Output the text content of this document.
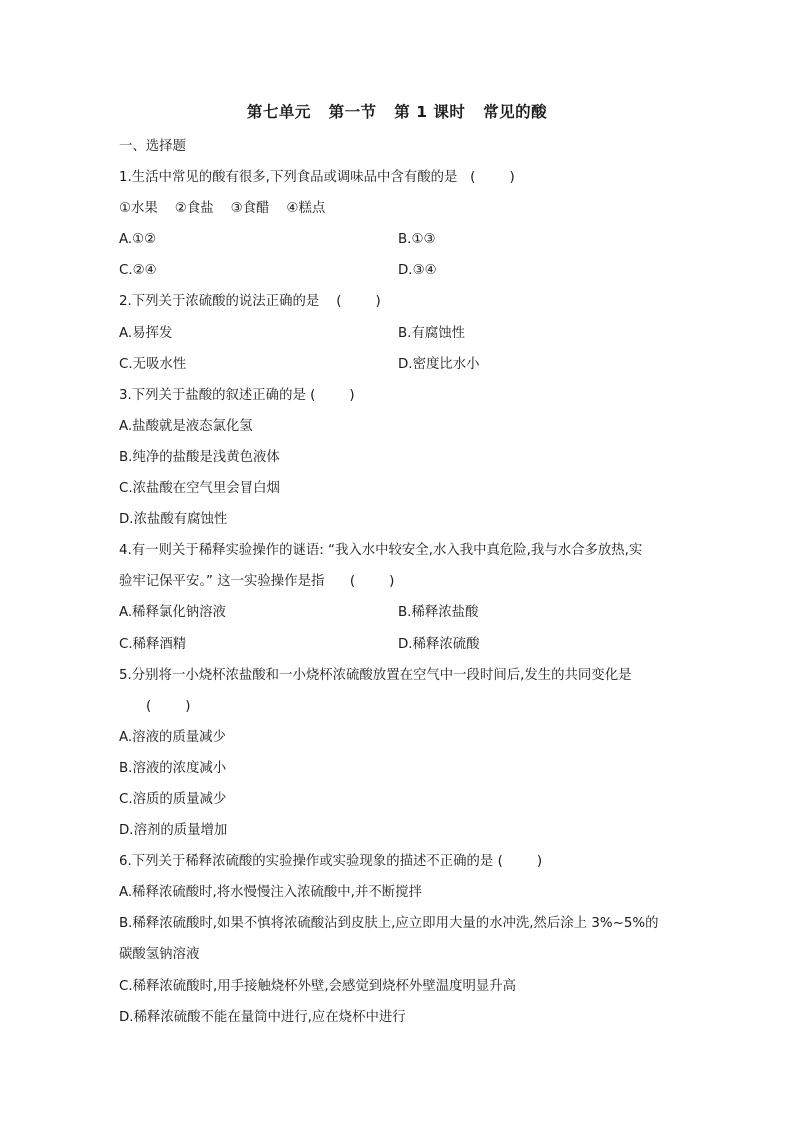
第七单元   第一节   第 1 课时   常见的酸
一、选择题
1.生活中常见的酸有很多,下列食品或调味品中含有酸的是   (        )
①水果    ②食盐    ③食醋    ④糕点
A.①②	B.①③
C.②④	D.③④
2.下列关于浓硫酸的说法正确的是    (        )
A.易挥发	B.有腐蚀性
C.无吸水性	D.密度比水小
3.下列关于盐酸的叙述正确的是 (        )
A.盐酸就是液态氯化氢
B.纯净的盐酸是浅黄色液体
C.浓盐酸在空气里会冒白烟
D.浓盐酸有腐蚀性
4.有一则关于稀释实验操作的谜语: “我入水中较安全,水入我中真危险,我与水合多放热,实
验牢记保平安。” 这一实验操作是指      (        )
A.稀释氯化钠溶液	B.稀释浓盐酸
C.稀释酒精	D.稀释浓硫酸
5.分别将一小烧杯浓盐酸和一小烧杯浓硫酸放置在空气中一段时间后,发生的共同变化是
(        )
A.溶液的质量减少
B.溶液的浓度减小
C.溶质的质量减少
D.溶剂的质量增加
6.下列关于稀释浓硫酸的实验操作或实验现象的描述不正确的是 (        )
A.稀释浓硫酸时,将水慢慢注入浓硫酸中,并不断搅拌
B.稀释浓硫酸时,如果不慎将浓硫酸沾到皮肤上,应立即用大量的水冲洗,然后涂上 3%~5%的
碳酸氢钠溶液
C.稀释浓硫酸时,用手接触烧杯外壁,会感觉到烧杯外壁温度明显升高
D.稀释浓硫酸不能在量筒中进行,应在烧杯中进行
